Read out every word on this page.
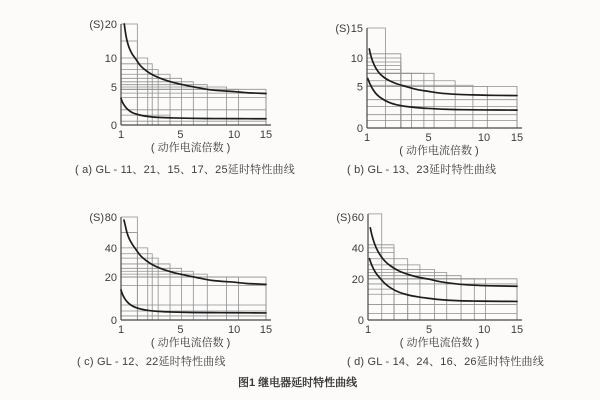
0
5
10
20
1	5	10 15
(S)
( 动作电流倍数 )
0
5
10
15
1	5	10 15
(S)
( 动作电流倍数 )
0
20
40
80
1	5	10 15
(S)
( 动作电流倍数 )
0
20
40
60
1	5	10 15
(S)
( 动作电流倍数 )
( a) GL - 11、21、15、17、25延时特性曲线	( b) GL - 13、23延时特性曲线
( c) GL - 12、22延时特性曲线	( d) GL - 14、24、16、26延时特性曲线
图1 继电器延时特性曲线
